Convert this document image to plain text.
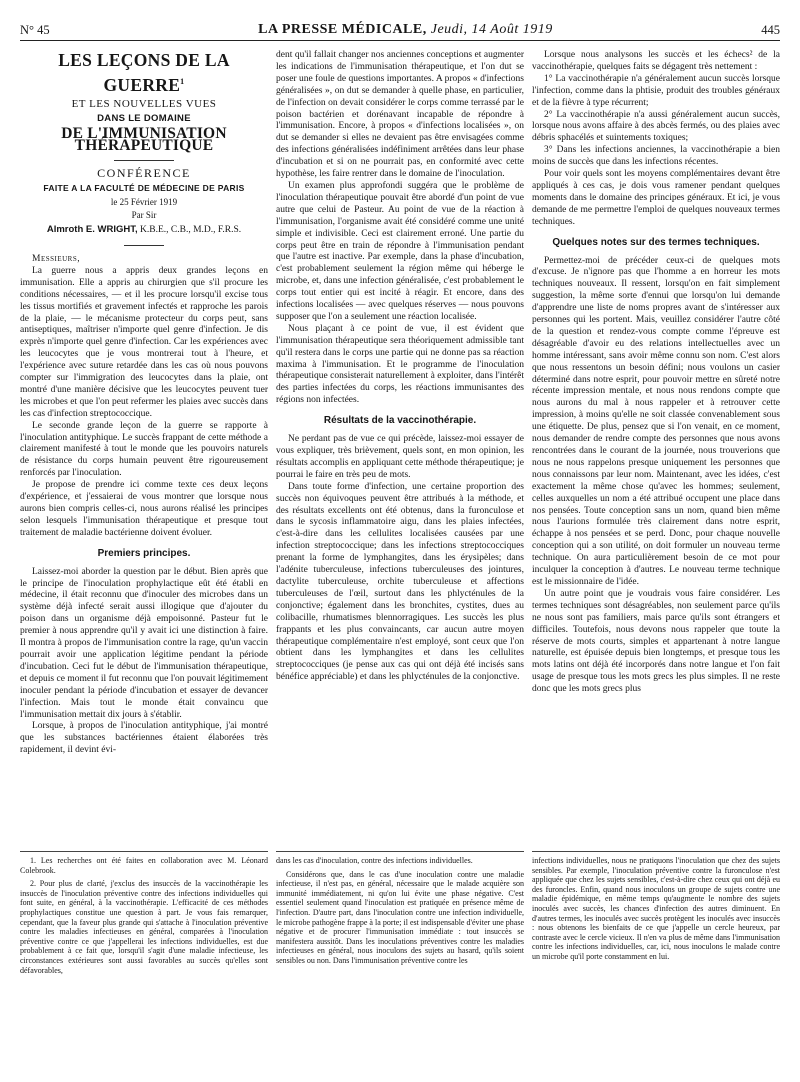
N° 45	LA PRESSE MÉDICALE, Jeudi, 14 Août 1919	445
LES LEÇONS DE LA GUERRE$^1$
ET LES NOUVELLES VUES
DANS LE DOMAINE
DE L'IMMUNISATION THÉRAPEUTIQUE
CONFÉRENCE
FAITE A LA FACULTÉ DE MÉDECINE DE PARIS
le 25 Février 1919
Par Sir
Almroth E. WRIGHT, K.B.E., C.B., M.D., F.R.S.

Messieurs,

La guerre nous a appris deux grandes leçons en immunisation. Elle a appris au chirurgien que s'il procure les conditions nécessaires, — et il les procure lorsqu'il excise tous les tissus mortifiés et gravement infectés et rapproche les parois de la plaie, — le mécanisme protecteur du corps peut, sans antiseptiques, maîtriser n'importe quel genre d'infection. Je dis exprès n'importe quel genre d'infection. Car les expériences avec les leucocytes que je vous montrerai tout à l'heure, et l'expérience avec suture retardée dans les cas où nous pouvons compter sur l'immigration des leucocytes dans la plaie, ont montré d'une manière décisive que les leucocytes peuvent tuer les microbes et que l'on peut refermer les plaies avec succès dans les cas d'infection streptococcique.

Le seconde grande leçon de la guerre se rapporte à l'inoculation antityphique. Le succès frappant de cette méthode a clairement manifesté à tout le monde que les pouvoirs naturels de résistance du corps humain peuvent être rigoureusement renforcés par l'inoculation.

Je propose de prendre ici comme texte ces deux leçons d'expérience, et j'essaierai de vous montrer que lorsque nous aurons bien compris celles-ci, nous aurons réalisé les principes selon lesquels l'immunisation thérapeutique et presque tout traitement de maladie bactérienne doivent évoluer.

Premiers principes.

Laissez-moi aborder la question par le début. Bien après que le principe de l'inoculation prophylactique eût été établi en médecine, il était reconnu que d'inoculer des microbes dans un système déjà infecté serait aussi illogique que d'ajouter du poison dans un organisme déjà empoisonné. Pasteur fut le premier à nous apprendre qu'il y avait ici une distinction à faire. Il montra à propos de l'immunisation contre la rage, qu'un vaccin pourrait avoir une application légitime pendant la période d'incubation. Ceci fut le début de l'immunisation thérapeutique, et depuis ce moment il fut reconnu que l'on pouvait légitimement inoculer pendant la période d'incubation et essayer de devancer l'infection. Mais tout le monde était convaincu que l'immunisation mettait dix jours à s'établir.

Lorsque, à propos de l'inoculation antityphique, j'ai montré que les substances bactériennes étaient élaborées très rapidement, il devint évi-

dent qu'il fallait changer nos anciennes conceptions et augmenter les indications de l'immunisation thérapeutique, et l'on dut se poser une foule de questions importantes. A propos « d'infections généralisées », on dut se demander à quelle phase, en particulier, de l'infection on devait considérer le corps comme terrassé par le poison bactérien et dorénavant incapable de répondre à l'immunisation. Encore, à propos « d'infections localisées », on dut se demander si elles ne devaient pas être envisagées comme des infections généralisées indéfiniment arrêtées dans leur phase d'incubation et si on ne pourrait pas, en conformité avec cette hypothèse, les faire rentrer dans le domaine de l'inoculation.

Un examen plus approfondi suggéra que le problème de l'inoculation thérapeutique pouvait être abordé d'un point de vue autre que celui de Pasteur. Au point de vue de la réaction à l'immunisation, l'organisme avait été considéré comme une unité simple et indivisible. Ceci est clairement erroné. Une partie du corps peut être en train de répondre à l'immunisation pendant que l'autre est inactive. Par exemple, dans la phase d'incubation, c'est probablement seulement la région même qui héberge le microbe, et, dans une infection généralisée, c'est probablement le corps tout entier qui est incité à réagir. Et encore, dans des infections localisées — avec quelques réserves — nous pouvons supposer que l'on a seulement une réaction localisée.

Nous plaçant à ce point de vue, il est évident que l'immunisation thérapeutique sera théoriquement admissible tant qu'il restera dans le corps une partie qui ne donne pas sa réaction maxima à l'immunisation. Et le programme de l'inoculation thérapeutique consisterait naturellement à exploiter, dans l'intérêt des parties infectées du corps, les réactions immunisantes des régions non infectées.

Résultats de la vaccinothérapie.

Ne perdant pas de vue ce qui précède, laissez-moi essayer de vous expliquer, très brièvement, quels sont, en mon opinion, les résultats accomplis en appliquant cette méthode thérapeutique; je pourrai le faire en très peu de mots.

Dans toute forme d'infection, une certaine proportion des succès non équivoques peuvent être attribués à la méthode, et des résultats excellents ont été obtenus, dans la furonculose et dans le sycosis inflammatoire aigu, dans les plaies infectées, c'est-à-dire dans les cellulites localisées causées par une infection streptococcique; dans les infections streptococciques prenant la forme de lymphangites, dans les érysipèles; dans l'adénite tuberculeuse, infections tuberculeuses des jointures, dactylite tuberculeuse, orchite tuberculeuse et affections tuberculeuses de l'œil, surtout dans les phlycténules de la conjonctive; également dans les bronchites, cystites, dues au colibacille, rhumatismes blennorragiques. Les succès les plus frappants et les plus convaincants, car aucun autre moyen thérapeutique complémentaire n'est employé, sont ceux que l'on obtient dans les lymphangites et dans les cellulites streptococciques (je pense aux cas qui ont déjà été incisés sans bénéfice appréciable) et dans les phlycténules de la conjonctive.

Lorsque nous analysons les succès et les échecs² de la vaccinothérapie, quelques faits se dégagent très nettement :

1° La vaccinothérapie n'a généralement aucun succès lorsque l'infection, comme dans la phtisie, produit des troubles généraux et de la fièvre à type récurrent;

2° La vaccinothérapie n'a aussi généralement aucun succès, lorsque nous avons affaire à des abcès fermés, ou des plaies avec débris sphacélés et suintements toxiques;

3° Dans les infections anciennes, la vaccinothérapie a bien moins de succès que dans les infections récentes.

Pour voir quels sont les moyens complémentaires devant être appliqués à ces cas, je dois vous ramener pendant quelques moments dans le domaine des principes généraux. Et ici, je vous demande de me permettre l'emploi de quelques nouveaux termes techniques.

Quelques notes sur des termes techniques.

Permettez-moi de précéder ceux-ci de quelques mots d'excuse. Je n'ignore pas que l'homme a en horreur les mots techniques nouveaux. Il ressent, lorsqu'on en fait simplement suggestion, la même sorte d'ennui que lorsqu'on lui demande d'apprendre une liste de noms propres avant de s'intéresser aux personnes qui les portent. Mais, veuillez considérer l'autre côté de la question et rendez-vous compte comme l'épreuve est désagréable d'avoir eu des relations intellectuelles avec un homme intéressant, sans avoir même connu son nom. C'est alors que nous ressentons un besoin défini; nous voulons un casier déterminé dans notre esprit, pour pouvoir mettre en sûreté notre récente impression mentale, et nous nous rendons compte que nous aurons du mal à nous rappeler et à retrouver cette impression, à moins qu'elle ne soit classée convenablement sous une étiquette. De plus, pensez que si l'on venait, en ce moment, nous demander de rendre compte des personnes que nous avons rencontrées dans le courant de la journée, nous trouverions que nous ne nous rappelons presque uniquement les personnes que nous connaissons par leur nom. Maintenant, avec les idées, c'est exactement la même chose qu'avec les hommes; seulement, celles auxquelles un nom a été attribué occupent une place dans nos pensées. Toute conception sans un nom, quand bien même nous l'aurions formulée très clairement dans notre esprit, échappe à nos pensées et se perd. Donc, pour chaque nouvelle conception qui a son utilité, on doit formuler un nouveau terme technique. On aura particulièrement besoin de ce mot pour inculquer la conception à d'autres. Le nouveau terme technique est le missionnaire de l'idée.

Un autre point que je voudrais vous faire considérer. Les termes techniques sont désagréables, non seulement parce qu'ils ne nous sont pas familiers, mais parce qu'ils sont étrangers et difficiles. Toutefois, nous devons nous rappeler que toute la réserve de mots courts, simples et appartenant à notre langue naturelle, est épuisée depuis bien longtemps, et presque tous les mots latins ont déjà été incorporés dans notre langue et l'on fait usage de presque tous les mots grecs les plus simples. Il ne reste donc que les mots grecs plus

1. Les recherches ont été faites en collaboration avec M. Léonard Colebrook.

2. Pour plus de clarté, j'exclus des insuccès de la vaccinothérapie les insuccès de l'inoculation préventive contre des infections individuelles qui font suite, en général, à la vaccinothérapie. L'efficacité de ces méthodes prophylactiques constitue une question à part. Je vous fais remarquer, cependant, que la faveur plus grande qui s'attache à l'inoculation préventive contre les maladies infectieuses en général, comparées à l'inoculation préventive contre ce que j'appellerai les infections individuelles, est due probablement à ce fait que, lorsqu'il s'agit d'une maladie infectieuse, les circonstances extérieures sont aussi favorables au succès qu'elles sont défavorables,

dans les cas d'inoculation, contre des infections individuelles.

Considérons que, dans le cas d'une inoculation contre une maladie infectieuse, il n'est pas, en général, nécessaire que le malade acquière son immunité immédiatement, ni qu'on lui évite une phase négative. C'est essentiel seulement quand l'inoculation est pratiquée en présence même de l'infection. D'autre part, dans l'inoculation contre une infection individuelle, le microbe pathogène frappe à la porte; il est indispensable d'éviter une phase négative et de procurer l'immunisation immédiate : tout insuccès se manifestera aussitôt. Dans les inoculations préventives contre les maladies infectieuses en général, nous inoculons des sujets au hasard, qu'ils soient sensibles ou non. Dans l'immunisation préventive contre les

infections individuelles, nous ne pratiquons l'inoculation que chez des sujets sensibles. Par exemple, l'inoculation préventive contre la furonculose n'est appliquée que chez les sujets sensibles, c'est-à-dire chez ceux qui ont déjà eu des furoncles. Enfin, quand nous inoculons un groupe de sujets contre une maladie épidémique, en même temps qu'augmente le nombre des sujets inoculés avec succès, les chances d'infection des autres diminuent. En d'autres termes, les inoculés avec succès protègent les inoculés avec insuccès : nous obtenons les bienfaits de ce que j'appelle un cercle heureux, par contraste avec le cercle vicieux. Il n'en va plus de même dans l'immunisation contre les infections individuelles, car, ici, nous inoculons le malade contre un microbe qu'il porte constamment en lui.
